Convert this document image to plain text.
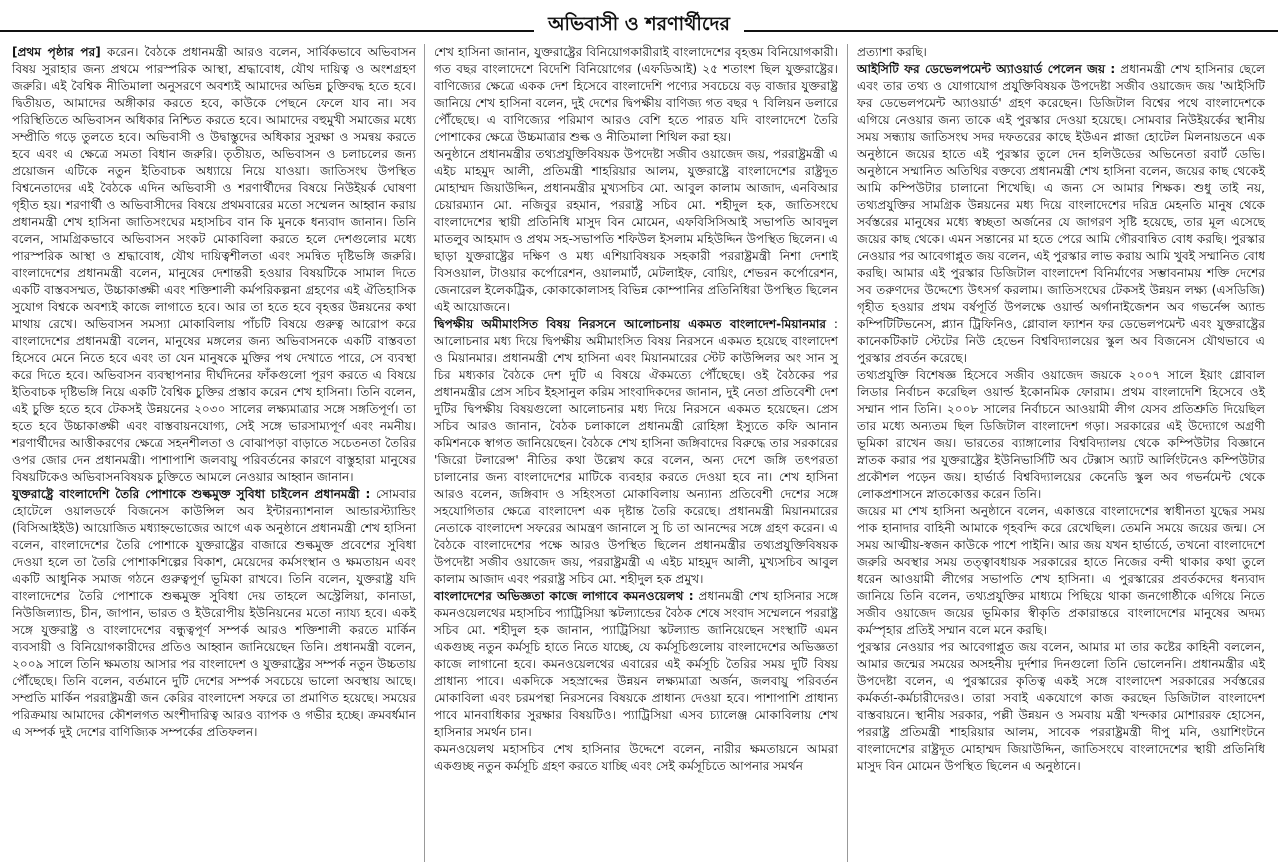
অভিবাসী ও শরণার্থীদের

[প্রথম পৃষ্ঠার পর] করেন। বৈঠকে প্রধানমন্ত্রী আরও বলেন, সার্বিকভাবে অভিবাসন বিষয় সুরাহার জন্য প্রথমে পারস্পরিক আস্থা, শ্রদ্ধাবোধ, যৌথ দায়িত্ব ও অংশগ্রহণ জরুরি। এই বৈশ্বিক নীতিমালা অনুসরণে অবশ্যই আমাদের অভিন্ন চুক্তিবদ্ধ হতে হবে। দ্বিতীয়ত, আমাদের অঙ্গীকার করতে হবে, কাউকে পেছনে ফেলে যাব না। সব পরিস্থিতিতে অভিবাসন অধিকার নিশ্চিত করতে হবে। আমাদের বহুমুখী সমাজের মধ্যে সম্প্রীতি গড়ে তুলতে হবে। অভিবাসী ও উদ্বাস্তুদের অধিকার সুরক্ষা ও সমন্বয় করতে হবে এবং এ ক্ষেত্রে সমতা বিধান জরুরি। তৃতীয়ত, অভিবাসন ও চলাচলের জন্য প্রয়োজন এটিকে নতুন ইতিবাচক অধ্যায়ে নিয়ে যাওয়া। জাতিসংঘ উপস্থিত বিশ্বনেতাদের এই বৈঠকে এদিন অভিবাসী ও শরণার্থীদের বিষয়ে নিউইয়র্ক ঘোষণা গৃহীত হয়। শরণার্থী ও অভিবাসীদের বিষয়ে প্রথমবারের মতো সম্মেলন আহ্বান করায় প্রধানমন্ত্রী শেখ হাসিনা জাতিসংঘের মহাসচিব বান কি মুনকে ধন্যবাদ জানান। তিনি বলেন, সামগ্রিকভাবে অভিবাসন সংকট মোকাবিলা করতে হলে দেশগুলোর মধ্যে পারস্পরিক আস্থা ও শ্রদ্ধাবোধ, যৌথ দায়িত্বশীলতা এবং সমন্বিত দৃষ্টিভঙ্গি জরুরি। বাংলাদেশের প্রধানমন্ত্রী বলেন, মানুষের দেশান্তরী হওয়ার বিষয়টিকে সামাল দিতে একটি বাস্তবসম্মত, উচ্চাকাঙ্ক্ষী এবং শক্তিশালী কর্মপরিকল্পনা গ্রহণের এই ঐতিহাসিক সুযোগ বিশ্বকে অবশ্যই কাজে লাগাতে হবে। আর তা হতে হবে বৃহত্তর উন্নয়নের কথা মাথায় রেখে। অভিবাসন সমস্যা মোকাবিলায় পাঁচটি বিষয়ে গুরুত্ব আরোপ করে বাংলাদেশের প্রধানমন্ত্রী বলেন, মানুষের মঙ্গলের জন্য অভিবাসনকে একটি বাস্তবতা হিসেবে মেনে নিতে হবে এবং তা যেন মানুষকে মুক্তির পথ দেখাতে পারে, সে ব্যবস্থা করে দিতে হবে। অভিবাসন ব্যবস্থাপনার দীর্ঘদিনের ফাঁকগুলো পূরণ করতে এ বিষয়ে ইতিবাচক দৃষ্টিভঙ্গি নিয়ে একটি বৈশ্বিক চুক্তির প্রস্তাব করেন শেখ হাসিনা। তিনি বলেন, এই চুক্তি হতে হবে টেকসই উন্নয়নের ২০৩০ সালের লক্ষ্যমাত্রার সঙ্গে সঙ্গতিপূর্ণ। তা হতে হবে উচ্চাকাঙ্ক্ষী এবং বাস্তবায়নযোগ্য, সেই সঙ্গে ভারসাম্যপূর্ণ এবং নমনীয়। শরণার্থীদের আত্তীকরণের ক্ষেত্রে সহনশীলতা ও বোঝাপড়া বাড়াতে সচেতনতা তৈরির ওপর জোর দেন প্রধানমন্ত্রী। পাশাপাশি জলবায়ু পরিবর্তনের কারণে বাস্তুহারা মানুষের বিষয়টিকেও অভিবাসনবিষয়ক চুক্তিতে আমলে নেওয়ার আহ্বান জানান।

যুক্তরাষ্ট্রে বাংলাদেশি তৈরি পোশাকে শুল্কমুক্ত সুবিধা চাইলেন প্রধানমন্ত্রী : সোমবার হোটেলে ওয়ালডর্ফে বিজনেস কাউন্সিল অব ইন্টারন্যাশনাল আন্ডারস্ট্যান্ডিং (বিসিআইইউ) আয়োজিত মধ্যাহ্নভোজের আগে এক অনুষ্ঠানে প্রধানমন্ত্রী শেখ হাসিনা বলেন, বাংলাদেশের তৈরি পোশাকে যুক্তরাষ্ট্রের বাজারে শুল্কমুক্ত প্রবেশের সুবিধা দেওয়া হলে তা তৈরি পোশাকশিল্পের বিকাশ, মেয়েদের কর্মসংস্থান ও ক্ষমতায়ন এবং একটি আধুনিক সমাজ গঠনে গুরুত্বপূর্ণ ভূমিকা রাখবে। তিনি বলেন, যুক্তরাষ্ট্র যদি বাংলাদেশের তৈরি পোশাকে শুল্কমুক্ত সুবিধা দেয় তাহলে অস্ট্রেলিয়া, কানাডা, নিউজিল্যান্ড, চীন, জাপান, ভারত ও ইউরোপীয় ইউনিয়নের মতো ন্যায্য হবে। একই সঙ্গে যুক্তরাষ্ট্র ও বাংলাদেশের বন্ধুত্বপূর্ণ সম্পর্ক আরও শক্তিশালী করতে মার্কিন ব্যবসায়ী ও বিনিয়োগকারীদের প্রতিও আহ্বান জানিয়েছেন তিনি। প্রধানমন্ত্রী বলেন, ২০০৯ সালে তিনি ক্ষমতায় আসার পর বাংলাদেশ ও যুক্তরাষ্ট্রের সম্পর্ক নতুন উচ্চতায় পৌঁছেছে। তিনি বলেন, বর্তমানে দুটি দেশের সম্পর্ক সবচেয়ে ভালো অবস্থায় আছে। সম্প্রতি মার্কিন পররাষ্ট্রমন্ত্রী জন কেরির বাংলাদেশ সফরে তা প্রমাণিত হয়েছে। সময়ের পরিক্রমায় আমাদের কৌশলগত অংশীদারিত্ব আরও ব্যাপক ও গভীর হচ্ছে। ক্রমবর্ধমান এ সম্পর্ক দুই দেশের বাণিজ্যিক সম্পর্কের প্রতিফলন।

শেখ হাসিনা জানান, যুক্তরাষ্ট্রের বিনিয়োগকারীরাই বাংলাদেশের বৃহত্তম বিনিয়োগকারী। গত বছর বাংলাদেশে বিদেশি বিনিয়োগের (এফডিআই) ২৫ শতাংশ ছিল যুক্তরাষ্ট্রের। বাণিজ্যের ক্ষেত্রে একক দেশ হিসেবে বাংলাদেশি পণ্যের সবচেয়ে বড় বাজার যুক্তরাষ্ট্র জানিয়ে শেখ হাসিনা বলেন, দুই দেশের দ্বিপক্ষীয় বাণিজ্য গত বছর ৭ বিলিয়ন ডলারে পৌঁছেছে। এ বাণিজ্যের পরিমাণ আরও বেশি হতে পারত যদি বাংলাদেশে তৈরি পোশাকের ক্ষেত্রে উচ্চমাত্রার শুল্ক ও নীতিমালা শিথিল করা হয়।

অনুষ্ঠানে প্রধানমন্ত্রীর তথ্যপ্রযুক্তিবিষয়ক উপদেষ্টা সজীব ওয়াজেদ জয়, পররাষ্ট্রমন্ত্রী এ এইচ মাহমুদ আলী, প্রতিমন্ত্রী শাহরিয়ার আলম, যুক্তরাষ্ট্রে বাংলাদেশের রাষ্ট্রদূত মোহাম্মদ জিয়াউদ্দিন, প্রধানমন্ত্রীর মুখ্যসচিব মো. আবুল কালাম আজাদ, এনবিআর চেয়ারম্যান মো. নজিবুর রহমান, পররাষ্ট্র সচিব মো. শহীদুল হক, জাতিসংঘে বাংলাদেশের স্থায়ী প্রতিনিধি মাসুদ বিন মোমেন, এফবিসিসিআই সভাপতি আবদুল মাতলুব আহমাদ ও প্রথম সহ-সভাপতি শফিউল ইসলাম মহিউদ্দিন উপস্থিত ছিলেন। এ ছাড়া যুক্তরাষ্ট্রের দক্ষিণ ও মধ্য এশিয়াবিষয়ক সহকারী পররাষ্ট্রমন্ত্রী নিশা দেশাই বিসওয়াল, টাওয়ার কর্পোরেশন, ওয়ালমার্ট, মেটলাইফ, বোয়িং, শেভরন কর্পোরেশন, জেনারেল ইলেকট্রিক, কোকাকোলাসহ বিভিন্ন কোম্পানির প্রতিনিধিরা উপস্থিত ছিলেন এই আয়োজনে।

দ্বিপক্ষীয় অমীমাংসিত বিষয় নিরসনে আলোচনায় একমত বাংলাদেশ-মিয়ানমার : আলোচনার মধ্য দিয়ে দ্বিপক্ষীয় অমীমাংসিত বিষয় নিরসনে একমত হয়েছে বাংলাদেশ ও মিয়ানমার। প্রধানমন্ত্রী শেখ হাসিনা এবং মিয়ানমারের স্টেট কাউন্সিলর অং সান সু চির মধ্যকার বৈঠকে দেশ দুটি এ বিষয়ে ঐকমত্যে পৌঁছেছে। ওই বৈঠকের পর প্রধানমন্ত্রীর প্রেস সচিব ইহসানুল করিম সাংবাদিকদের জানান, দুই নেতা প্রতিবেশী দেশ দুটির দ্বিপক্ষীয় বিষয়গুলো আলোচনার মধ্য দিয়ে নিরসনে একমত হয়েছেন। প্রেস সচিব আরও জানান, বৈঠক চলাকালে প্রধানমন্ত্রী রোহিঙ্গা ইস্যুতে কফি আনান কমিশনকে স্বাগত জানিয়েছেন। বৈঠকে শেখ হাসিনা জঙ্গিবাদের বিরুদ্ধে তার সরকারের 'জিরো টলারেন্স' নীতির কথা উল্লেখ করে বলেন, অন্য দেশে জঙ্গি তৎপরতা চালানোর জন্য বাংলাদেশের মাটিকে ব্যবহার করতে দেওয়া হবে না। শেখ হাসিনা আরও বলেন, জঙ্গিবাদ ও সহিংসতা মোকাবিলায় অন্যান্য প্রতিবেশী দেশের সঙ্গে সহযোগিতার ক্ষেত্রে বাংলাদেশ এক দৃষ্টান্ত তৈরি করেছে। প্রধানমন্ত্রী মিয়ানমারের নেতাকে বাংলাদেশ সফরের আমন্ত্রণ জানালে সু চি তা আনন্দের সঙ্গে গ্রহণ করেন। এ বৈঠকে বাংলাদেশের পক্ষে আরও উপস্থিত ছিলেন প্রধানমন্ত্রীর তথ্যপ্রযুক্তিবিষয়ক উপদেষ্টা সজীব ওয়াজেদ জয়, পররাষ্ট্রমন্ত্রী এ এইচ মাহমুদ আলী, মুখ্যসচিব আবুল কালাম আজাদ এবং পররাষ্ট্র সচিব মো. শহীদুল হক প্রমুখ।

বাংলাদেশের অভিজ্ঞতা কাজে লাগাবে কমনওয়েলথ : প্রধানমন্ত্রী শেখ হাসিনার সঙ্গে কমনওয়েলথের মহাসচিব প্যাট্রিসিয়া স্কটল্যান্ডের বৈঠক শেষে সংবাদ সম্মেলনে পররাষ্ট্র সচিব মো. শহীদুল হক জানান, প্যাট্রিসিয়া স্কটল্যান্ড জানিয়েছেন সংস্থাটি এমন একগুচ্ছ নতুন কর্মসূচি হাতে নিতে যাচ্ছে, যে কর্মসূচিগুলোয় বাংলাদেশের অভিজ্ঞতা কাজে লাগানো হবে। কমনওয়েলথের এবারের এই কর্মসূচি তৈরির সময় দুটি বিষয় প্রাধান্য পাবে। একদিকে সহস্রাব্দের উন্নয়ন লক্ষ্যমাত্রা অর্জন, জলবায়ু পরিবর্তন মোকাবিলা এবং চরমপন্থা নিরসনের বিষয়কে প্রাধান্য দেওয়া হবে। পাশাপাশি প্রাধান্য পাবে মানবাধিকার সুরক্ষার বিষয়টিও। প্যাট্রিসিয়া এসব চ্যালেঞ্জ মোকাবিলায় শেখ হাসিনার সমর্থন চান।

কমনওয়েলথ মহাসচিব শেখ হাসিনার উদ্দেশে বলেন, নারীর ক্ষমতায়নে আমরা একগুচ্ছ নতুন কর্মসূচি গ্রহণ করতে যাচ্ছি এবং সেই কর্মসূচিতে আপনার সমর্থন

প্রত্যাশা করছি।

আইসিটি ফর ডেভেলপমেন্ট অ্যাওয়ার্ড পেলেন জয় : প্রধানমন্ত্রী শেখ হাসিনার ছেলে এবং তার তথ্য ও যোগাযোগ প্রযুক্তিবিষয়ক উপদেষ্টা সজীব ওয়াজেদ জয় 'আইসিটি ফর ডেভেলপমেন্ট অ্যাওয়ার্ড' গ্রহণ করেছেন। ডিজিটাল বিশ্বের পথে বাংলাদেশকে এগিয়ে নেওয়ার জন্য তাকে এই পুরস্কার দেওয়া হয়েছে। সোমবার নিউইয়র্কের স্থানীয় সময় সন্ধ্যায় জাতিসংঘ সদর দফতরের কাছে ইউএন প্লাজা হোটেল মিলনায়তনে এক অনুষ্ঠানে জয়ের হাতে এই পুরস্কার তুলে দেন হলিউডের অভিনেতা রবার্ট ডেভি। অনুষ্ঠানে সম্মানিত অতিথির বক্তব্যে প্রধানমন্ত্রী শেখ হাসিনা বলেন, জয়ের কাছ থেকেই আমি কম্পিউটার চালানো শিখেছি। এ জন্য সে আমার শিক্ষক। শুধু তাই নয়, তথ্যপ্রযুক্তির সামগ্রিক উন্নয়নের মধ্য দিয়ে বাংলাদেশের দরিদ্র মেহনতি মানুষ থেকে সর্বস্তরের মানুষের মধ্যে স্বচ্ছতা অর্জনের যে জাগরণ সৃষ্টি হয়েছে, তার মূল এসেছে জয়ের কাছ থেকে। এমন সন্তানের মা হতে পেরে আমি গৌরবান্বিত বোধ করছি। পুরস্কার নেওয়ার পর আবেগাপ্লুত জয় বলেন, এই পুরস্কার লাভ করায় আমি খুবই সম্মানিত বোধ করছি। আমার এই পুরস্কার ডিজিটাল বাংলাদেশ বিনির্মাণের সম্ভাবনাময় শক্তি দেশের সব তরুণদের উদ্দেশ্যে উৎসর্গ করলাম। জাতিসংঘের টেকসই উন্নয়ন লক্ষ্য (এসডিজি) গৃহীত হওয়ার প্রথম বর্ষপূর্তি উপলক্ষে ওয়ার্ল্ড অর্গানাইজেশন অব গভর্নেন্স অ্যান্ড কম্পিটিটিভনেস, প্ল্যান ট্রিফিনিও, গ্লোবাল ফ্যাশন ফর ডেভেলপমেন্ট এবং যুক্তরাষ্ট্রের কানেকটিকাট স্টেটের নিউ হেভেন বিশ্ববিদ্যালয়ের স্কুল অব বিজনেস যৌথভাবে এ পুরস্কার প্রবর্তন করেছে।

তথ্যপ্রযুক্তি বিশেষজ্ঞ হিসেবে সজীব ওয়াজেদ জয়কে ২০০৭ সালে ইয়াং গ্লোবাল লিডার নির্বাচন করেছিল ওয়ার্ল্ড ইকোনমিক ফোরাম। প্রথম বাংলাদেশি হিসেবে ওই সম্মান পান তিনি। ২০০৮ সালের নির্বাচনে আওয়ামী লীগ যেসব প্রতিশ্রুতি দিয়েছিল তার মধ্যে অন্যতম ছিল ডিজিটাল বাংলাদেশ গড়া। সরকারের এই উদ্যোগে অগ্রণী ভূমিকা রাখেন জয়। ভারতের ব্যাঙ্গালোর বিশ্ববিদ্যালয় থেকে কম্পিউটার বিজ্ঞানে স্নাতক করার পর যুক্তরাষ্ট্রের ইউনিভার্সিটি অব টেক্সাস অ্যাট আর্লিংটনেও কম্পিউটার প্রকৌশল পড়েন জয়। হার্ভার্ড বিশ্ববিদ্যালয়ের কেনেডি স্কুল অব গভর্নমেন্ট থেকে লোকপ্রশাসনে স্নাতকোত্তর করেন তিনি।

জয়ের মা শেখ হাসিনা অনুষ্ঠানে বলেন, একাত্তরে বাংলাদেশের স্বাধীনতা যুদ্ধের সময় পাক হানাদার বাহিনী আমাকে গৃহবন্দি করে রেখেছিল। তেমনি সময়ে জয়ের জন্ম। সে সময় আত্মীয়-স্বজন কাউকে পাশে পাইনি। আর জয় যখন হার্ভার্ডে, তখনো বাংলাদেশে জরুরি অবস্থার সময় তত্ত্বাবধায়ক সরকারের হাতে নিজের বন্দী থাকার কথা তুলে ধরেন আওয়ামী লীগের সভাপতি শেখ হাসিনা। এ পুরস্কারের প্রবর্তকদের ধন্যবাদ জানিয়ে তিনি বলেন, তথ্যপ্রযুক্তির মাধ্যমে পিছিয়ে থাকা জনগোষ্ঠীকে এগিয়ে নিতে সজীব ওয়াজেদ জয়ের ভূমিকার স্বীকৃতি প্রকারান্তরে বাংলাদেশের মানুষের অদম্য কর্মস্পৃহার প্রতিই সম্মান বলে মনে করছি।

পুরস্কার নেওয়ার পর আবেগাপ্লুত জয় বলেন, আমার মা তার কষ্টের কাহিনী বললেন, আমার জন্মের সময়ের অসহনীয় দুর্দশার দিনগুলো তিনি ভোলেননি। প্রধানমন্ত্রীর এই উপদেষ্টা বলেন, এ পুরস্কারের কৃতিত্ব একই সঙ্গে বাংলাদেশ সরকারের সর্বস্তরের কর্মকর্তা-কর্মচারীদেরও। তারা সবাই একযোগে কাজ করছেন ডিজিটাল বাংলাদেশ বাস্তবায়নে। স্থানীয় সরকার, পল্লী উন্নয়ন ও সমবায় মন্ত্রী খন্দকার মোশাররফ হোসেন, পররাষ্ট্র প্রতিমন্ত্রী শাহরিয়ার আলম, সাবেক পররাষ্ট্রমন্ত্রী দীপু মনি, ওয়াশিংটনে বাংলাদেশের রাষ্ট্রদূত মোহাম্মদ জিয়াউদ্দিন, জাতিসংঘে বাংলাদেশের স্থায়ী প্রতিনিধি মাসুদ বিন মোমেন উপস্থিত ছিলেন এ অনুষ্ঠানে।
